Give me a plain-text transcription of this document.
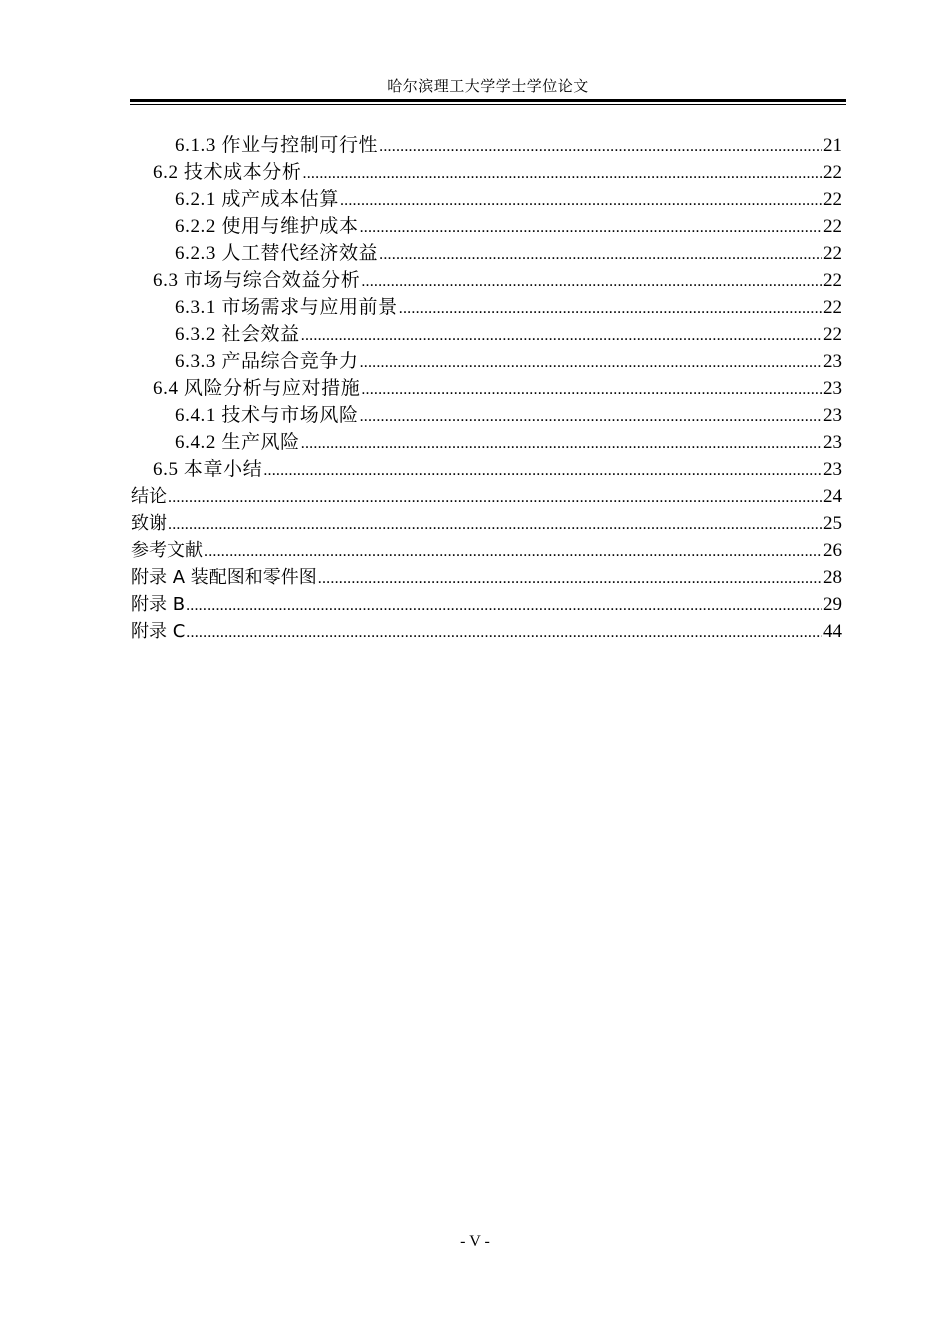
哈尔滨理工大学学士学位论文
6.1.3 作业与控制可行性 .....	21
6.2 技术成本分析 .....	22
6.2.1 成产成本估算 .....	22
6.2.2 使用与维护成本 .....	22
6.2.3 人工替代经济效益 .....	22
6.3 市场与综合效益分析 .....	22
6.3.1 市场需求与应用前景 .....	22
6.3.2 社会效益 .....	22
6.3.3 产品综合竞争力 .....	23
6.4 风险分析与应对措施 .....	23
6.4.1 技术与市场风险 .....	23
6.4.2 生产风险 .....	23
6.5 本章小结 .....	23
结论 .....	24
致谢 .....	25
参考文献 .....	26
附录 A 装配图和零件图 .....	28
附录 B .....	29
附录 C .....	44
- V -
